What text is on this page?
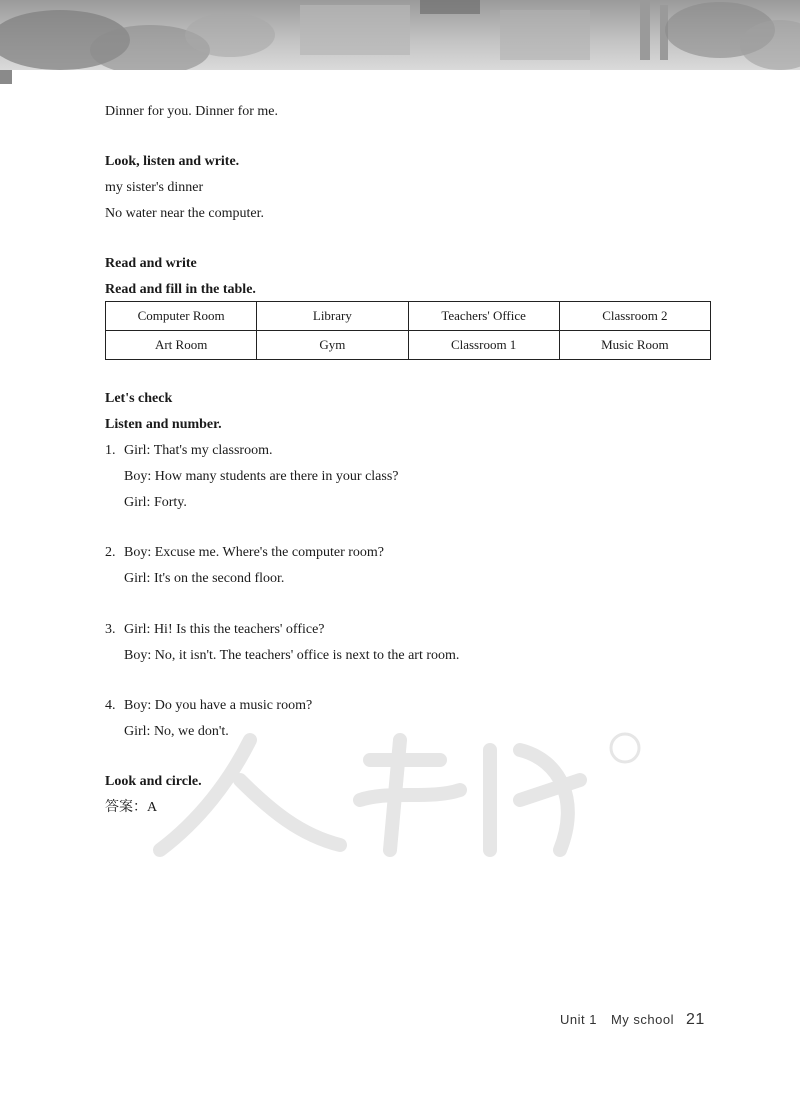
Dinner for you. Dinner for me.
Look, listen and write.
my sister's dinner
No water near the computer.
Read and write
Read and fill in the table.
Computer Room	Library	Teachers' Office	Classroom 2
Art Room	Gym	Classroom 1	Music Room
Let's check
Listen and number.
1. Girl: That's my classroom.
Boy: How many students are there in your class?
Girl: Forty.
2. Boy: Excuse me. Where's the computer room?
Girl: It's on the second floor.
3. Girl: Hi! Is this the teachers' office?
Boy: No, it isn't. The teachers' office is next to the art room.
4. Boy: Do you have a music room?
Girl: No, we don't.
Look and circle.
答案：A
Unit 1 My school 21
